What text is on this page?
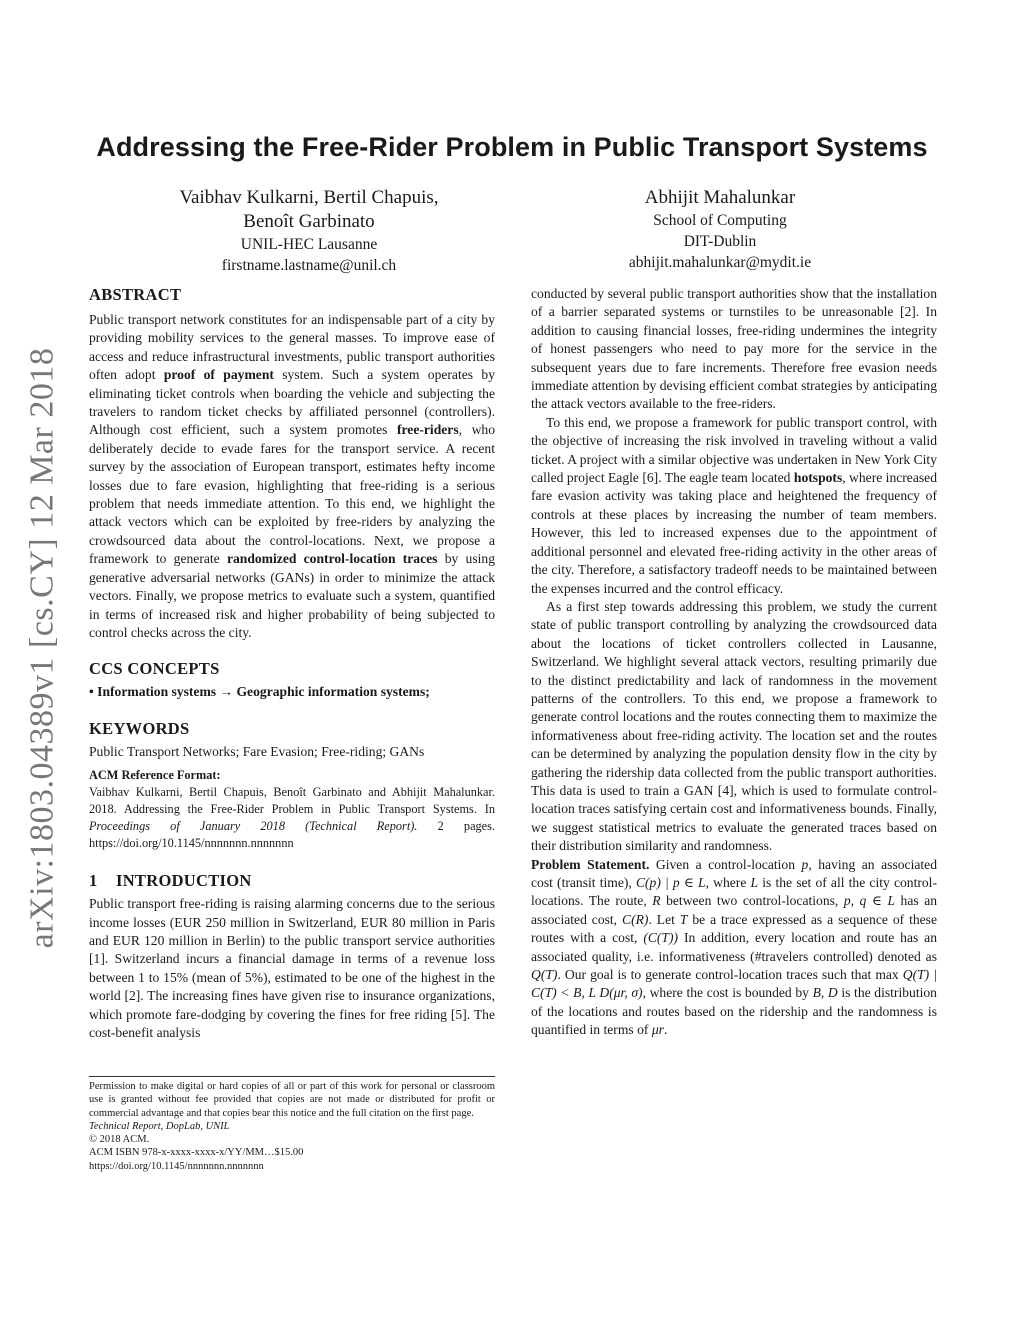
arXiv:1803.04389v1 [cs.CY] 12 Mar 2018
Addressing the Free-Rider Problem in Public Transport Systems
Vaibhav Kulkarni, Bertil Chapuis,
Benoît Garbinato
UNIL-HEC Lausanne
firstname.lastname@unil.ch
Abhijit Mahalunkar
School of Computing
DIT-Dublin
abhijit.mahalunkar@mydit.ie
ABSTRACT

Public transport network constitutes for an indispensable part of a city by providing mobility services to the general masses. To improve ease of access and reduce infrastructural investments, public transport authorities often adopt proof of payment system. Such a system operates by eliminating ticket controls when boarding the vehicle and subjecting the travelers to random ticket checks by affiliated personnel (controllers). Although cost efficient, such a system promotes free-riders, who deliberately decide to evade fares for the transport service. A recent survey by the association of European transport, estimates hefty income losses due to fare evasion, highlighting that free-riding is a serious problem that needs immediate attention. To this end, we highlight the attack vectors which can be exploited by free-riders by analyzing the crowdsourced data about the control-locations. Next, we propose a framework to generate randomized control-location traces by using generative adversarial networks (GANs) in order to minimize the attack vectors. Finally, we propose metrics to evaluate such a system, quantified in terms of increased risk and higher probability of being subjected to control checks across the city.

CCS CONCEPTS

• Information systems → Geographic information systems;

KEYWORDS

Public Transport Networks; Fare Evasion; Free-riding; GANs

ACM Reference Format:

Vaibhav Kulkarni, Bertil Chapuis, Benoît Garbinato and Abhijit Mahalunkar. 2018. Addressing the Free-Rider Problem in Public Transport Systems. In Proceedings of January 2018 (Technical Report). 2 pages. https://doi.org/10.1145/nnnnnnn.nnnnnnn

1 INTRODUCTION

Public transport free-riding is raising alarming concerns due to the serious income losses (EUR 250 million in Switzerland, EUR 80 million in Paris and EUR 120 million in Berlin) to the public transport service authorities [1]. Switzerland incurs a financial damage in terms of a revenue loss between 1 to 15% (mean of 5%), estimated to be one of the highest in the world [2]. The increasing fines have given rise to insurance organizations, which promote fare-dodging by covering the fines for free riding [5]. The cost-benefit analysis

Permission to make digital or hard copies of all or part of this work for personal or classroom use is granted without fee provided that copies are not made or distributed for profit or commercial advantage and that copies bear this notice and the full citation on the first page.

Technical Report, DopLab, UNIL
© 2018 ACM.
ACM ISBN 978-x-xxxx-xxxx-x/YY/MM…$15.00
https://doi.org/10.1145/nnnnnnn.nnnnnnn

conducted by several public transport authorities show that the installation of a barrier separated systems or turnstiles to be unreasonable [2]. In addition to causing financial losses, free-riding undermines the integrity of honest passengers who need to pay more for the service in the subsequent years due to fare increments. Therefore free evasion needs immediate attention by devising efficient combat strategies by anticipating the attack vectors available to the free-riders.

To this end, we propose a framework for public transport control, with the objective of increasing the risk involved in traveling without a valid ticket. A project with a similar objective was undertaken in New York City called project Eagle [6]. The eagle team located hotspots, where increased fare evasion activity was taking place and heightened the frequency of controls at these places by increasing the number of team members. However, this led to increased expenses due to the appointment of additional personnel and elevated free-riding activity in the other areas of the city. Therefore, a satisfactory tradeoff needs to be maintained between the expenses incurred and the control efficacy.

As a first step towards addressing this problem, we study the current state of public transport controlling by analyzing the crowdsourced data about the locations of ticket controllers collected in Lausanne, Switzerland. We highlight several attack vectors, resulting primarily due to the distinct predictability and lack of randomness in the movement patterns of the controllers. To this end, we propose a framework to generate control locations and the routes connecting them to maximize the informativeness about free-riding activity. The location set and the routes can be determined by analyzing the population density flow in the city by gathering the ridership data collected from the public transport authorities. This data is used to train a GAN [4], which is used to formulate control-location traces satisfying certain cost and informativeness bounds. Finally, we suggest statistical metrics to evaluate the generated traces based on their distribution similarity and randomness.

Problem Statement. Given a control-location p, having an associated cost (transit time), C(p) | p ∈ L, where L is the set of all the city control-locations. The route, R between two control-locations, p, q ∈ L has an associated cost, C(R). Let T be a trace expressed as a sequence of these routes with a cost, (C(T)) In addition, every location and route has an associated quality, i.e. informativeness (#travelers controlled) denoted as Q(T). Our goal is to generate control-location traces such that max Q(T) | C(T) < B, L D(μr, σ), where the cost is bounded by B, D is the distribution of the locations and routes based on the ridership and the randomness is quantified in terms of μr.
